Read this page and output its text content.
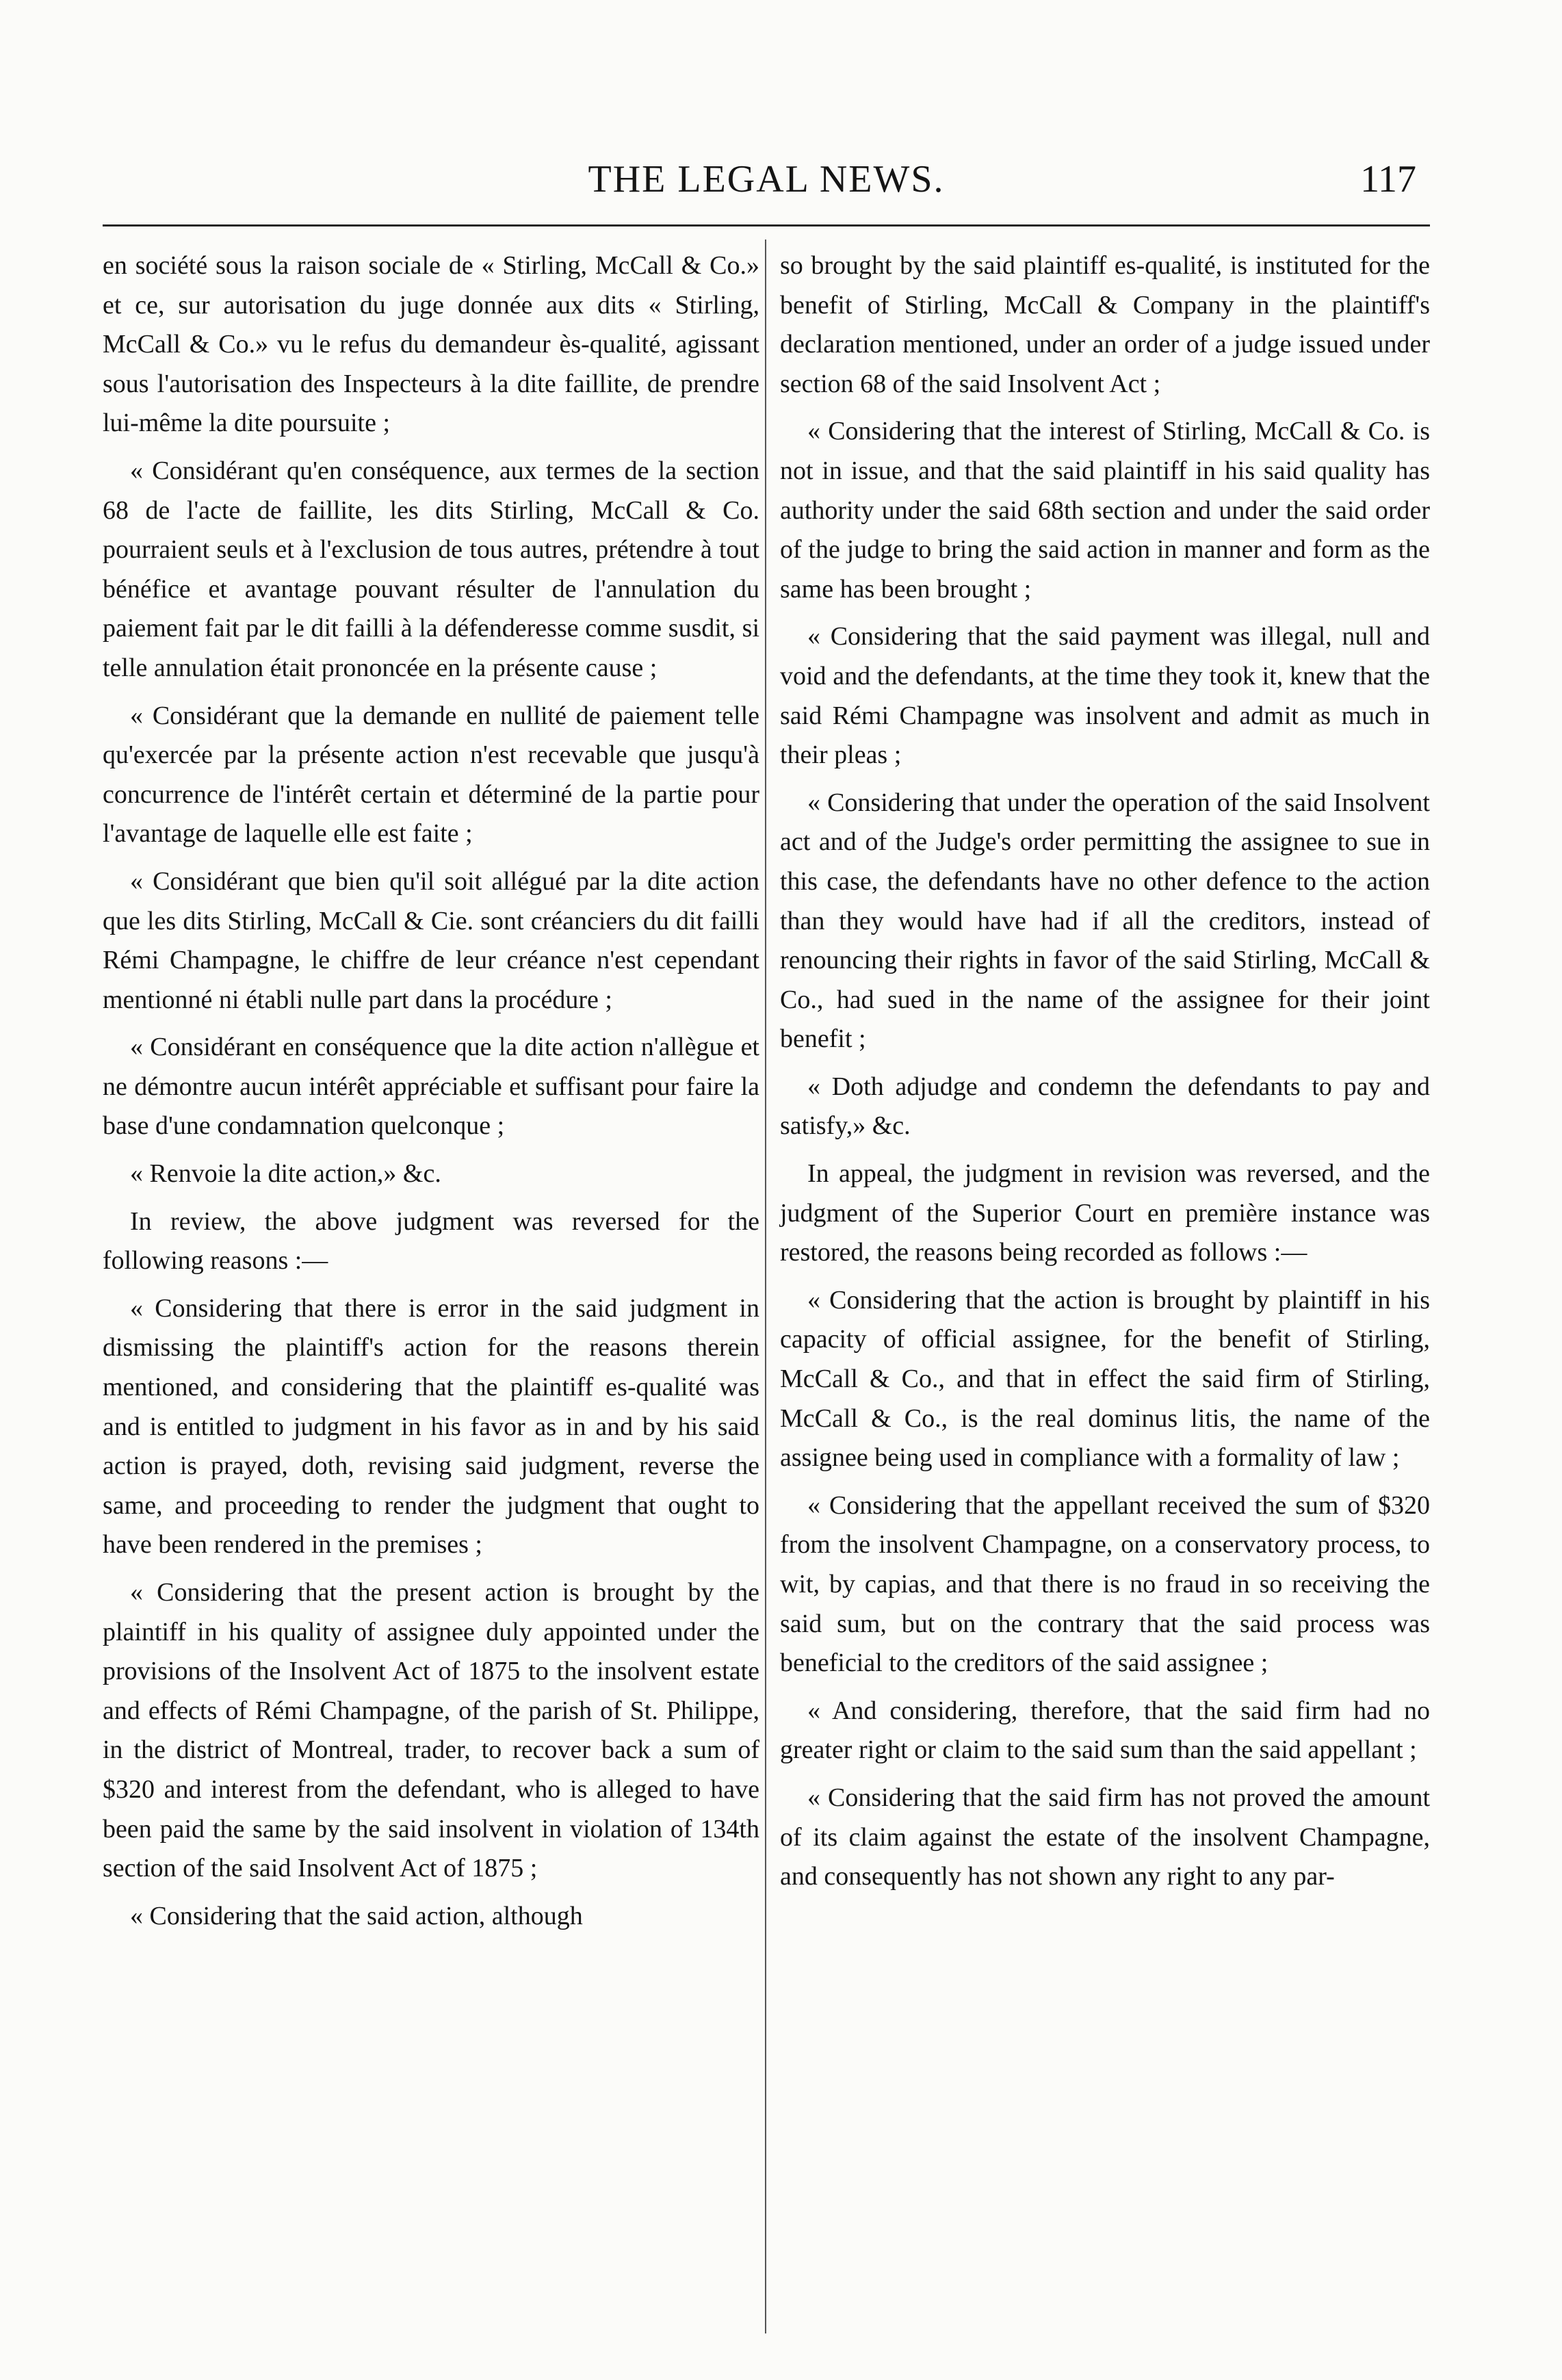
THE LEGAL NEWS.	117

en société sous la raison sociale de « Stirling, McCall & Co.» et ce, sur autorisation du juge donnée aux dits « Stirling, McCall & Co.» vu le refus du demandeur ès-qualité, agissant sous l'autorisation des Inspecteurs à la dite faillite, de prendre lui-même la dite poursuite ;

« Considérant qu'en conséquence, aux termes de la section 68 de l'acte de faillite, les dits Stirling, McCall & Co. pourraient seuls et à l'exclusion de tous autres, prétendre à tout bénéfice et avantage pouvant résulter de l'annulation du paiement fait par le dit failli à la défenderesse comme susdit, si telle annulation était prononcée en la présente cause ;

« Considérant que la demande en nullité de paiement telle qu'exercée par la présente action n'est recevable que jusqu'à concurrence de l'intérêt certain et déterminé de la partie pour l'avantage de laquelle elle est faite ;

« Considérant que bien qu'il soit allégué par la dite action que les dits Stirling, McCall & Cie. sont créanciers du dit failli Rémi Champagne, le chiffre de leur créance n'est cependant mentionné ni établi nulle part dans la procédure ;

« Considérant en conséquence que la dite action n'allègue et ne démontre aucun intérêt appréciable et suffisant pour faire la base d'une condamnation quelconque ;

« Renvoie la dite action,» &c.

In review, the above judgment was reversed for the following reasons :—

« Considering that there is error in the said judgment in dismissing the plaintiff's action for the reasons therein mentioned, and considering that the plaintiff es-qualité was and is entitled to judgment in his favor as in and by his said action is prayed, doth, revising said judgment, reverse the same, and proceeding to render the judgment that ought to have been rendered in the premises ;

« Considering that the present action is brought by the plaintiff in his quality of assignee duly appointed under the provisions of the Insolvent Act of 1875 to the insolvent estate and effects of Rémi Champagne, of the parish of St. Philippe, in the district of Montreal, trader, to recover back a sum of $320 and interest from the defendant, who is alleged to have been paid the same by the said insolvent in violation of 134th section of the said Insolvent Act of 1875 ;

« Considering that the said action, although

so brought by the said plaintiff es-qualité, is instituted for the benefit of Stirling, McCall & Company in the plaintiff's declaration mentioned, under an order of a judge issued under section 68 of the said Insolvent Act ;

« Considering that the interest of Stirling, McCall & Co. is not in issue, and that the said plaintiff in his said quality has authority under the said 68th section and under the said order of the judge to bring the said action in manner and form as the same has been brought ;

« Considering that the said payment was illegal, null and void and the defendants, at the time they took it, knew that the said Rémi Champagne was insolvent and admit as much in their pleas ;

« Considering that under the operation of the said Insolvent act and of the Judge's order permitting the assignee to sue in this case, the defendants have no other defence to the action than they would have had if all the creditors, instead of renouncing their rights in favor of the said Stirling, McCall & Co., had sued in the name of the assignee for their joint benefit ;

« Doth adjudge and condemn the defendants to pay and satisfy,» &c.

In appeal, the judgment in revision was reversed, and the judgment of the Superior Court en première instance was restored, the reasons being recorded as follows :—

« Considering that the action is brought by plaintiff in his capacity of official assignee, for the benefit of Stirling, McCall & Co., and that in effect the said firm of Stirling, McCall & Co., is the real dominus litis, the name of the assignee being used in compliance with a formality of law ;

« Considering that the appellant received the sum of $320 from the insolvent Champagne, on a conservatory process, to wit, by capias, and that there is no fraud in so receiving the said sum, but on the contrary that the said process was beneficial to the creditors of the said assignee ;

« And considering, therefore, that the said firm had no greater right or claim to the said sum than the said appellant ;

« Considering that the said firm has not proved the amount of its claim against the estate of the insolvent Champagne, and consequently has not shown any right to any par-
